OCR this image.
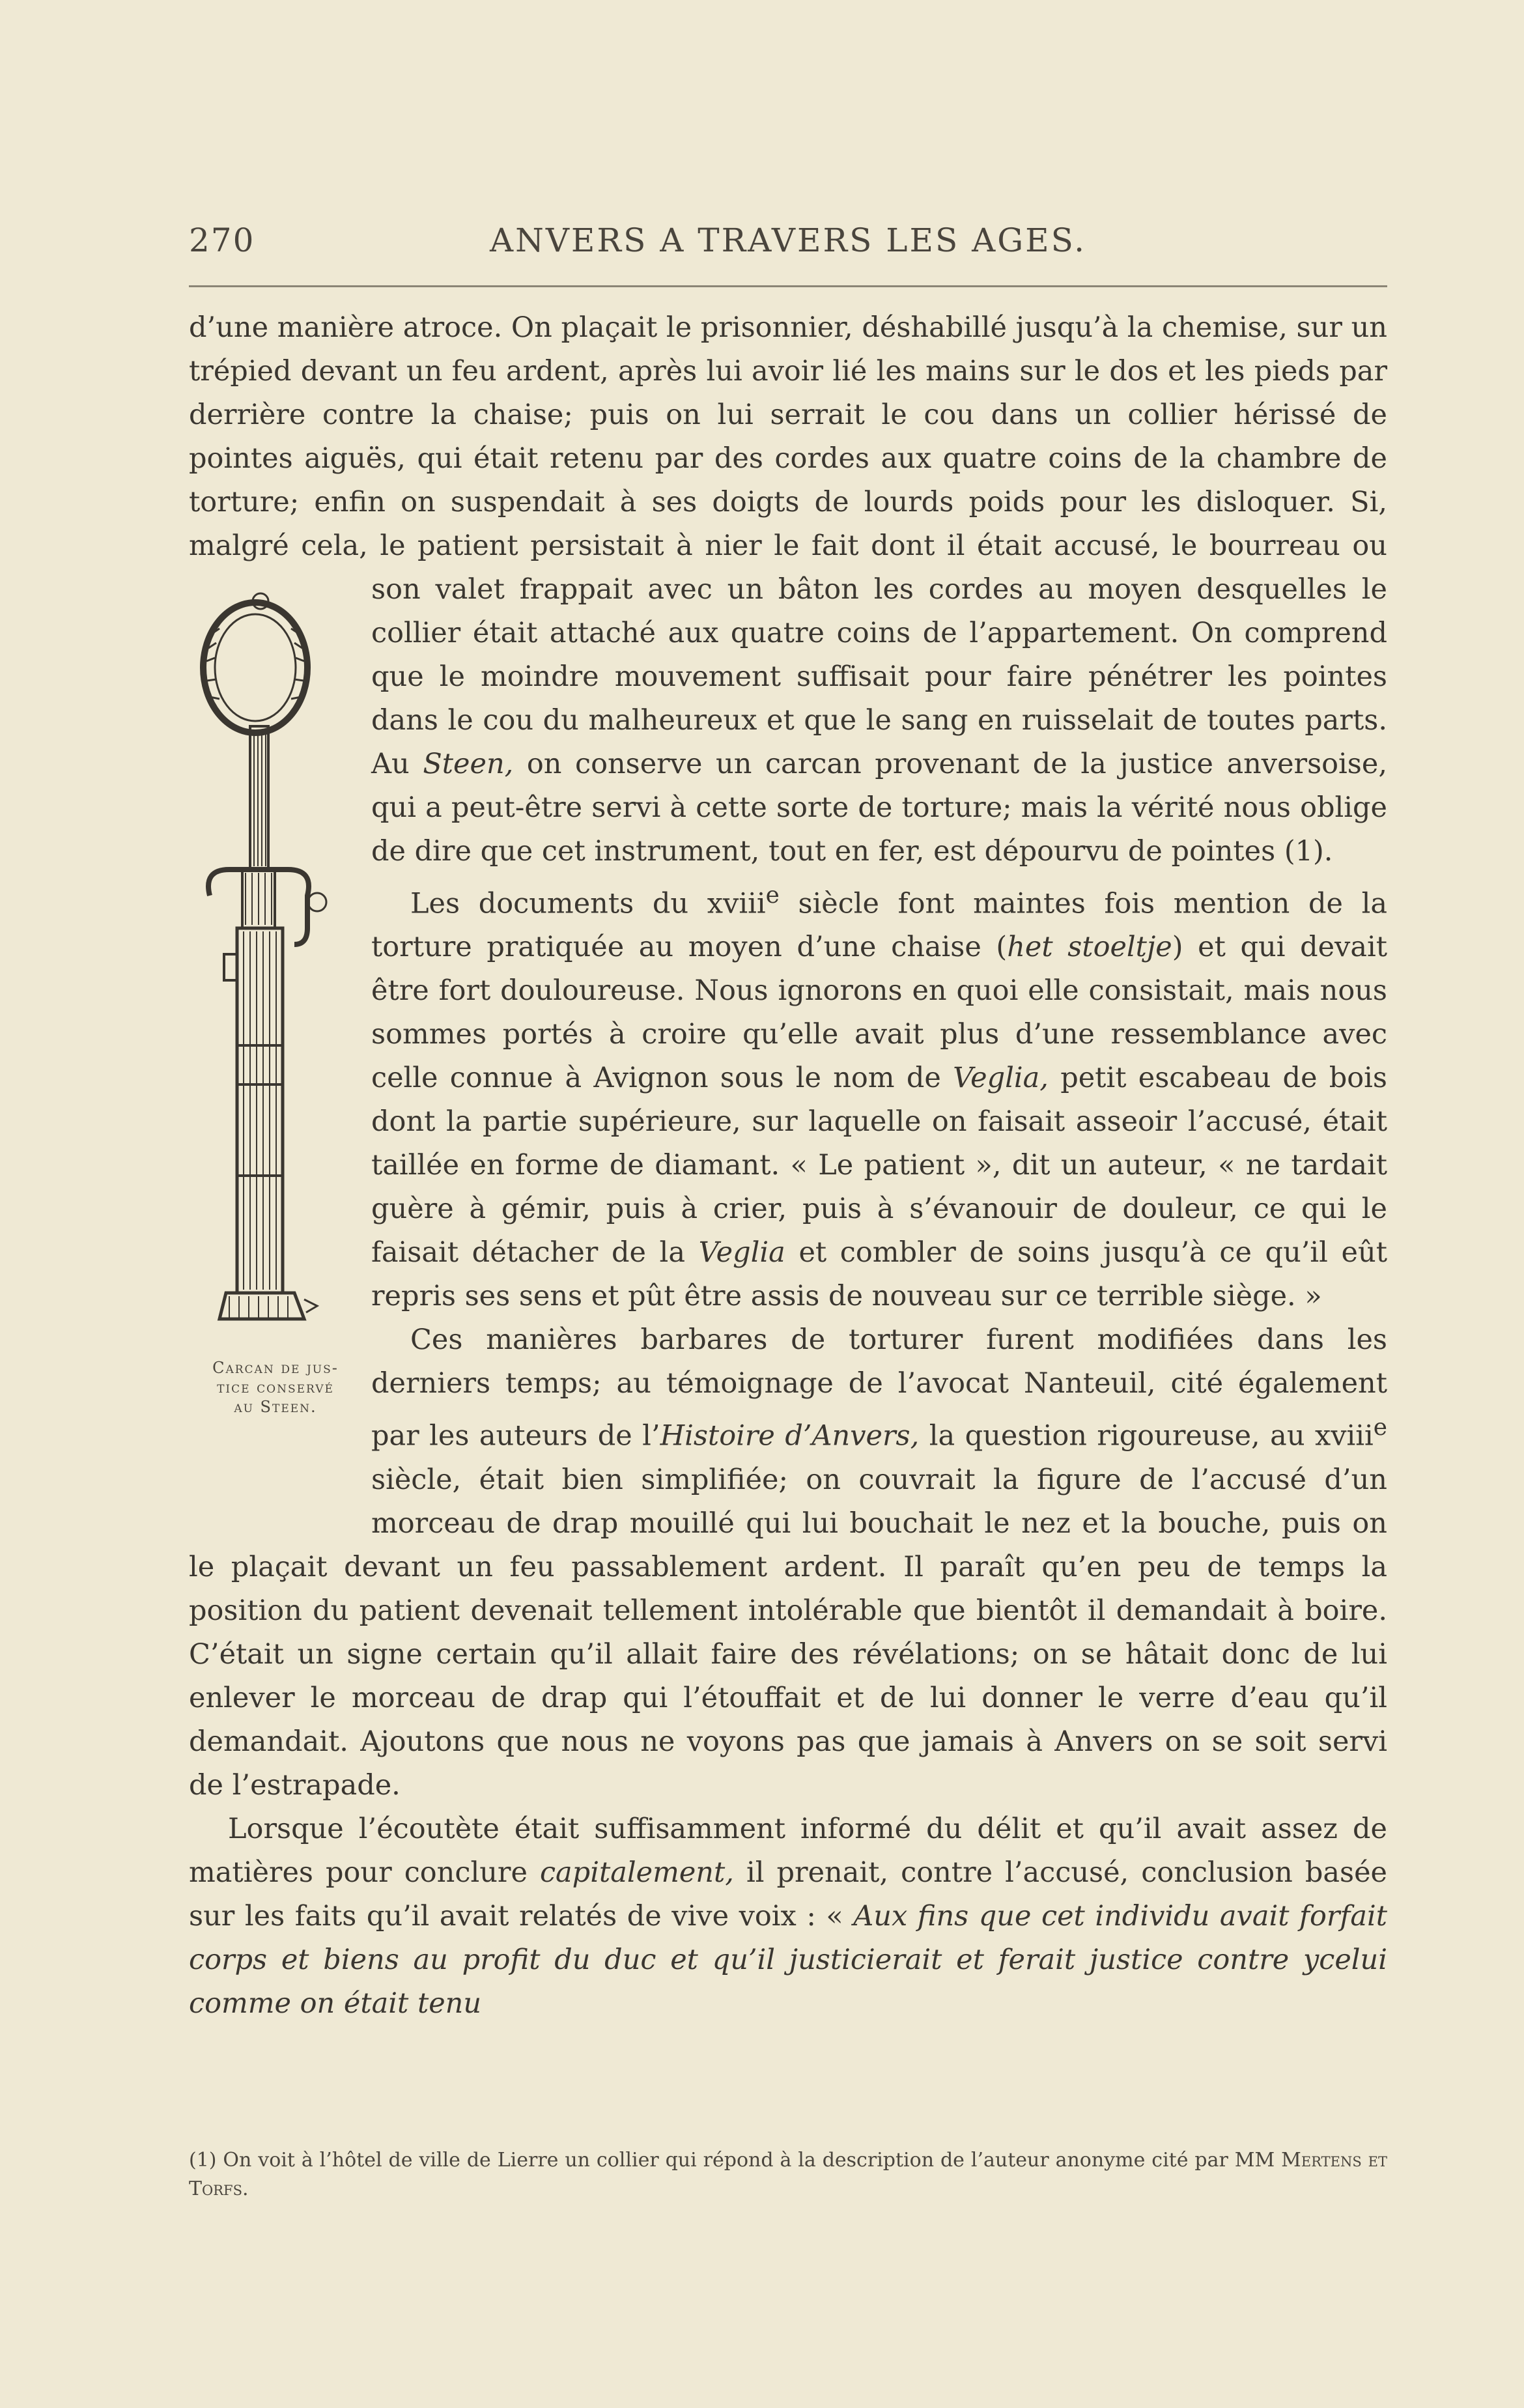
270	ANVERS A TRAVERS LES AGES.
Carcan de jus-
tice conservé
au Steen.

d’une manière atroce. On plaçait le prisonnier, déshabillé jusqu’à la chemise, sur un trépied devant un feu ardent, après lui avoir lié les mains sur le dos et les pieds par derrière contre la chaise; puis on lui serrait le cou dans un collier hérissé de pointes aiguës, qui était retenu par des cordes aux quatre coins de la chambre de torture; enfin on suspendait à ses doigts de lourds poids pour les disloquer. Si, malgré cela, le patient persistait à nier le fait dont il était accusé, le bourreau ou son valet frappait avec un bâton les cordes au moyen desquelles le collier était attaché aux quatre coins de l’appartement. On comprend que le moindre mouvement suffisait pour faire pénétrer les pointes dans le cou du malheureux et que le sang en ruisselait de toutes parts. Au Steen, on conserve un carcan provenant de la justice anversoise, qui a peut-être servi à cette sorte de torture; mais la vérité nous oblige de dire que cet instrument, tout en fer, est dépourvu de pointes (1).

Les documents du xviii$^e$ siècle font maintes fois mention de la torture pratiquée au moyen d’une chaise (het stoeltje) et qui devait être fort douloureuse. Nous ignorons en quoi elle consistait, mais nous sommes portés à croire qu’elle avait plus d’une ressemblance avec celle connue à Avignon sous le nom de Veglia, petit escabeau de bois dont la partie supérieure, sur laquelle on faisait asseoir l’accusé, était taillée en forme de diamant. « Le patient », dit un auteur, « ne tardait guère à gémir, puis à crier, puis à s’évanouir de douleur, ce qui le faisait détacher de la Veglia et combler de soins jusqu’à ce qu’il eût repris ses sens et pût être assis de nouveau sur ce terrible siège. »

Ces manières barbares de torturer furent modifiées dans les derniers temps; au témoignage de l’avocat Nanteuil, cité également par les auteurs de l’Histoire d’Anvers, la question rigoureuse, au xviii$^e$ siècle, était bien simplifiée; on couvrait la figure de l’accusé d’un morceau de drap mouillé qui lui bouchait le nez et la bouche, puis on le plaçait devant un feu passablement ardent. Il paraît qu’en peu de temps la position du patient devenait tellement intolérable que bientôt il demandait à boire. C’était un signe certain qu’il allait faire des révélations; on se hâtait donc de lui enlever le morceau de drap qui l’étouffait et de lui donner le verre d’eau qu’il demandait. Ajoutons que nous ne voyons pas que jamais à Anvers on se soit servi de l’estrapade.

Lorsque l’écoutète était suffisamment informé du délit et qu’il avait assez de matières pour conclure capitalement, il prenait, contre l’accusé, conclusion basée sur les faits qu’il avait relatés de vive voix : « Aux fins que cet individu avait forfait corps et biens au profit du duc et qu’il justicierait et ferait justice contre ycelui comme on était tenu

(1) On voit à l’hôtel de ville de Lierre un collier qui répond à la description de l’auteur anonyme cité par MM Mertens et Torfs.
